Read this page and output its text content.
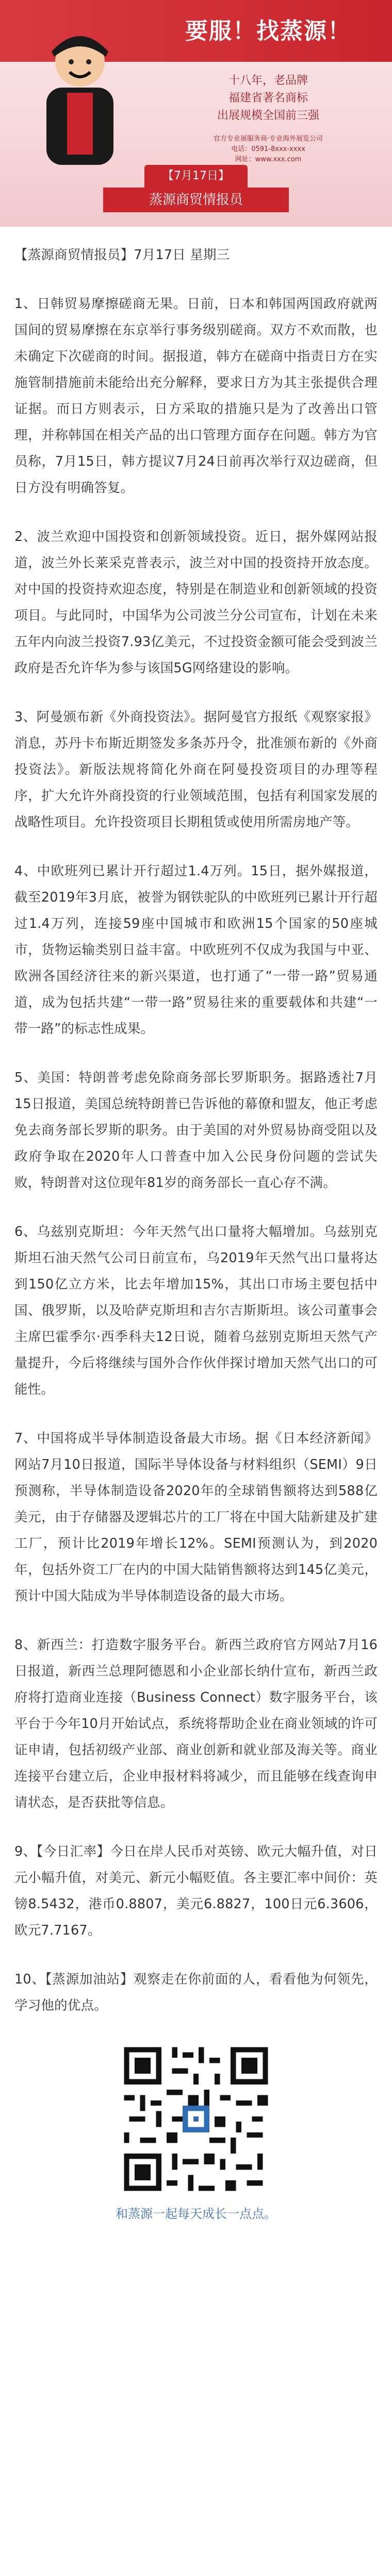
要服！找蒸源！
十八年，老品牌
福建省著名商标
出展规模全国前三强
官方专业展服务商·专业海外展览公司
电话：0591-8xxx-xxxx
网址：www.xxx.com
【7月17日】
蒸源商贸情报员

【蒸源商贸情报员】7月17日 星期三

1、日韩贸易摩擦磋商无果。日前，日本和韩国两国政府就两国间的贸易摩擦在东京举行事务级别磋商。双方不欢而散，也未确定下次磋商的时间。据报道，韩方在磋商中指责日方在实施管制措施前未能给出充分解释，要求日方为其主张提供合理证据。而日方则表示，日方采取的措施只是为了改善出口管理，并称韩国在相关产品的出口管理方面存在问题。韩方为官员称，7月15日，韩方提议7月24日前再次举行双边磋商，但日方没有明确答复。

2、波兰欢迎中国投资和创新领域投资。近日，据外媒网站报道，波兰外长莱采克普表示，波兰对中国的投资持开放态度。对中国的投资持欢迎态度，特别是在制造业和创新领域的投资项目。与此同时，中国华为公司波兰分公司宣布，计划在未来五年内向波兰投资7.93亿美元，不过投资金额可能会受到波兰政府是否允许华为参与该国5G网络建设的影响。

3、阿曼颁布新《外商投资法》。据阿曼官方报纸《观察家报》消息，苏丹卡布斯近期签发多条苏丹令，批准颁布新的《外商投资法》。新版法规将简化外商在阿曼投资项目的办理等程序，扩大允许外商投资的行业领域范围，包括有利国家发展的战略性项目。允许投资项目长期租赁或使用所需房地产等。

4、中欧班列已累计开行超过1.4万列。15日，据外媒报道，截至2019年3月底，被誉为钢铁驼队的中欧班列已累计开行超过1.4万列，连接59座中国城市和欧洲15个国家的50座城市，货物运输类别日益丰富。中欧班列不仅成为我国与中亚、欧洲各国经济往来的新兴渠道，也打通了“一带一路”贸易通道，成为包括共建“一带一路”贸易往来的重要载体和共建“一带一路”的标志性成果。

5、美国：特朗普考虑免除商务部长罗斯职务。据路透社7月15日报道，美国总统特朗普已告诉他的幕僚和盟友，他正考虑免去商务部长罗斯的职务。由于美国的对外贸易协商受阻以及政府争取在2020年人口普查中加入公民身份问题的尝试失败，特朗普对这位现年81岁的商务部长一直心存不满。

6、乌兹别克斯坦：今年天然气出口量将大幅增加。乌兹别克斯坦石油天然气公司日前宣布，乌2019年天然气出口量将达到150亿立方米，比去年增加15%，其出口市场主要包括中国、俄罗斯，以及哈萨克斯坦和吉尔吉斯斯坦。该公司董事会主席巴霍季尔·西季科夫12日说，随着乌兹别克斯坦天然气产量提升，今后将继续与国外合作伙伴探讨增加天然气出口的可能性。

7、中国将成半导体制造设备最大市场。据《日本经济新闻》网站7月10日报道，国际半导体设备与材料组织（SEMI）9日预测称，半导体制造设备2020年的全球销售额将达到588亿美元，由于存储器及逻辑芯片的工厂将在中国大陆新建及扩建工厂，预计比2019年增长12%。SEMI预测认为，到2020年，包括外资工厂在内的中国大陆销售额将达到145亿美元，预计中国大陆成为半导体制造设备的最大市场。

8、新西兰：打造数字服务平台。新西兰政府官方网站7月16日报道，新西兰总理阿德恩和小企业部长纳什宣布，新西兰政府将打造商业连接（Business Connect）数字服务平台，该平台于今年10月开始试点，系统将帮助企业在商业领域的许可证申请，包括初级产业部、商业创新和就业部及海关等。商业连接平台建立后，企业申报材料将减少，而且能够在线查询申请状态，是否获批等信息。

9、【今日汇率】今日在岸人民币对英镑、欧元大幅升值，对日元小幅升值，对美元、新元小幅贬值。各主要汇率中间价：英镑8.5432，港币0.8807，美元6.8827，100日元6.3606，欧元7.7167。

10、【蒸源加油站】观察走在你前面的人，看看他为何领先，学习他的优点。

和蒸源一起每天成长一点点。
